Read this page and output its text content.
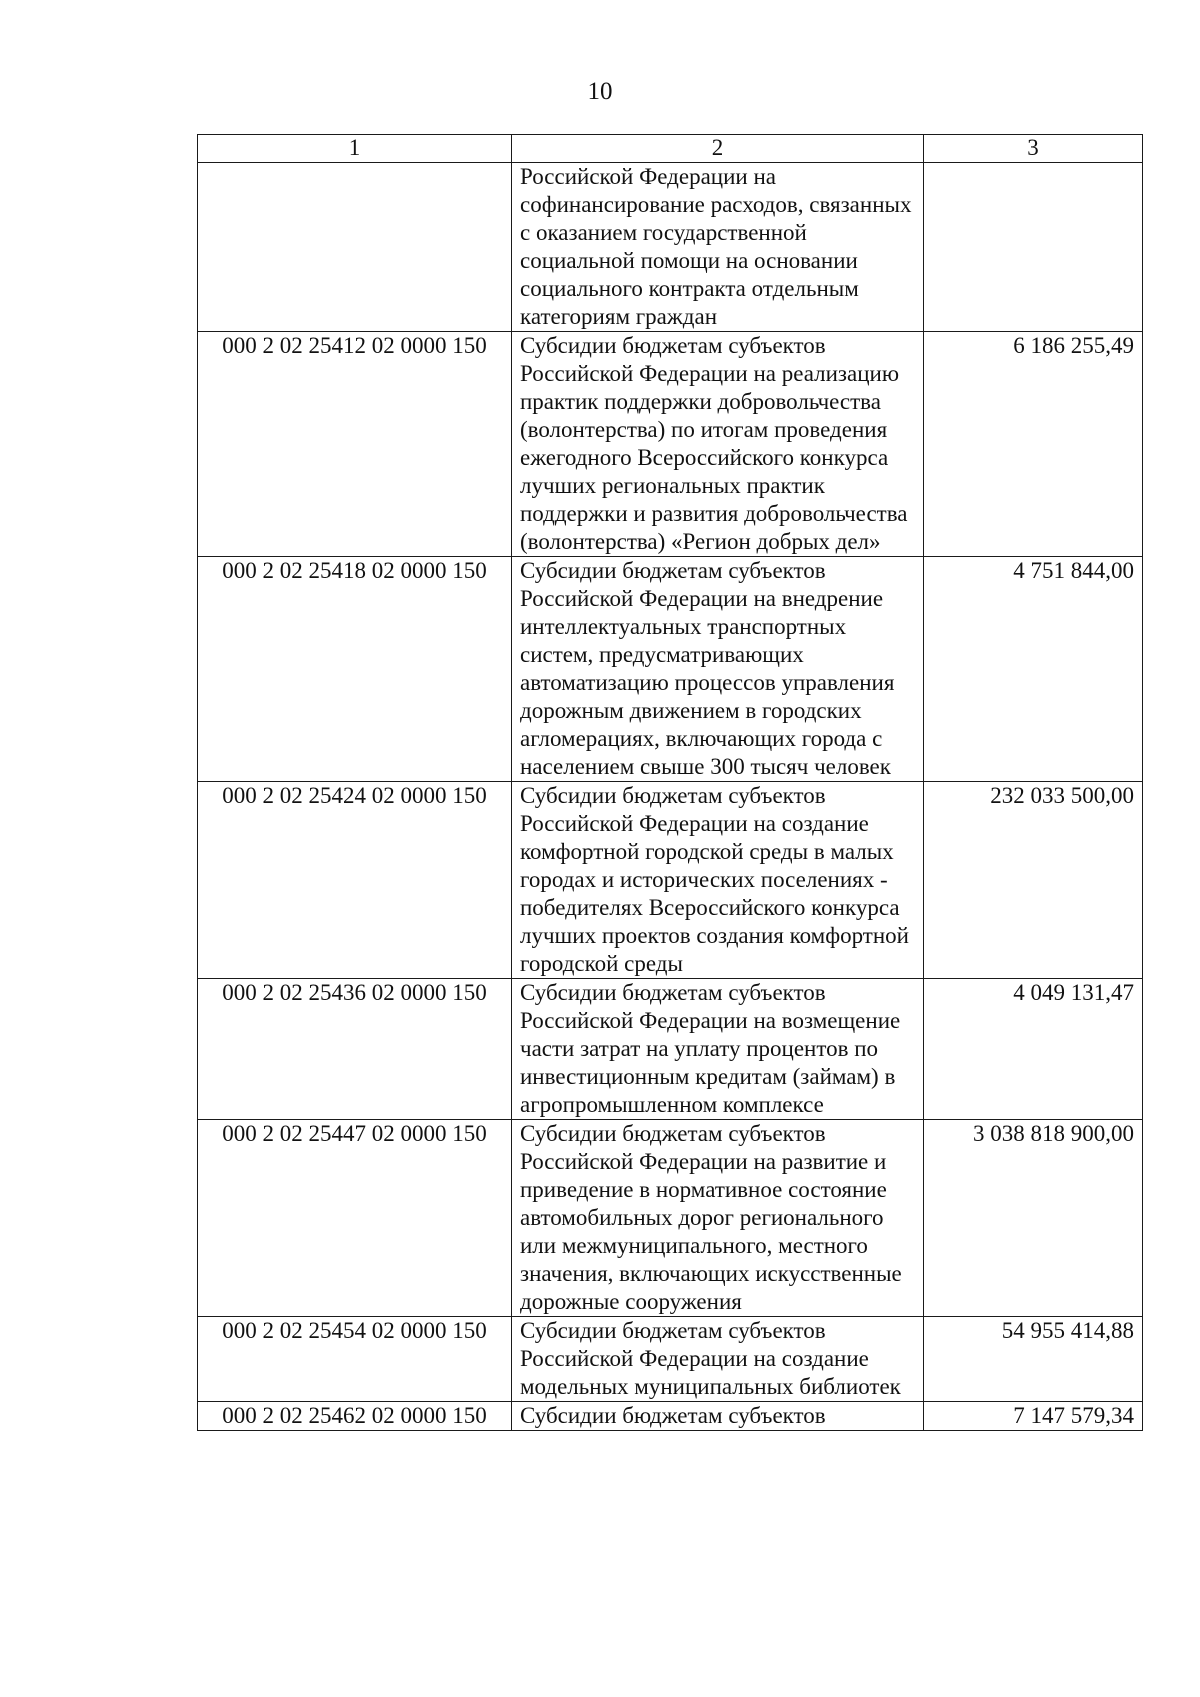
10
1	2	3
	Российской Федерации на софинансирование расходов, связанных с оказанием государственной социальной помощи на основании социального контракта отдельным категориям граждан	
000 2 02 25412 02 0000 150	Субсидии бюджетам субъектов Российской Федерации на реализацию практик поддержки добровольчества (волонтерства) по итогам проведения ежегодного Всероссийского конкурса лучших региональных практик поддержки и развития добровольчества (волонтерства) «Регион добрых дел»	6 186 255,49
000 2 02 25418 02 0000 150	Субсидии бюджетам субъектов Российской Федерации на внедрение интеллектуальных транспортных систем, предусматривающих автоматизацию процессов управления дорожным движением в городских агломерациях, включающих города с населением свыше 300 тысяч человек	4 751 844,00
000 2 02 25424 02 0000 150	Субсидии бюджетам субъектов Российской Федерации на создание комфортной городской среды в малых городах и исторических поселениях - победителях Всероссийского конкурса лучших проектов создания комфортной городской среды	232 033 500,00
000 2 02 25436 02 0000 150	Субсидии бюджетам субъектов Российской Федерации на возмещение части затрат на уплату процентов по инвестиционным кредитам (займам) в агропромышленном комплексе	4 049 131,47
000 2 02 25447 02 0000 150	Субсидии бюджетам субъектов Российской Федерации на развитие и приведение в нормативное состояние автомобильных дорог регионального или межмуниципального, местного значения, включающих искусственные дорожные сооружения	3 038 818 900,00
000 2 02 25454 02 0000 150	Субсидии бюджетам субъектов Российской Федерации на создание модельных муниципальных библиотек	54 955 414,88
000 2 02 25462 02 0000 150	Субсидии бюджетам субъектов	7 147 579,34
